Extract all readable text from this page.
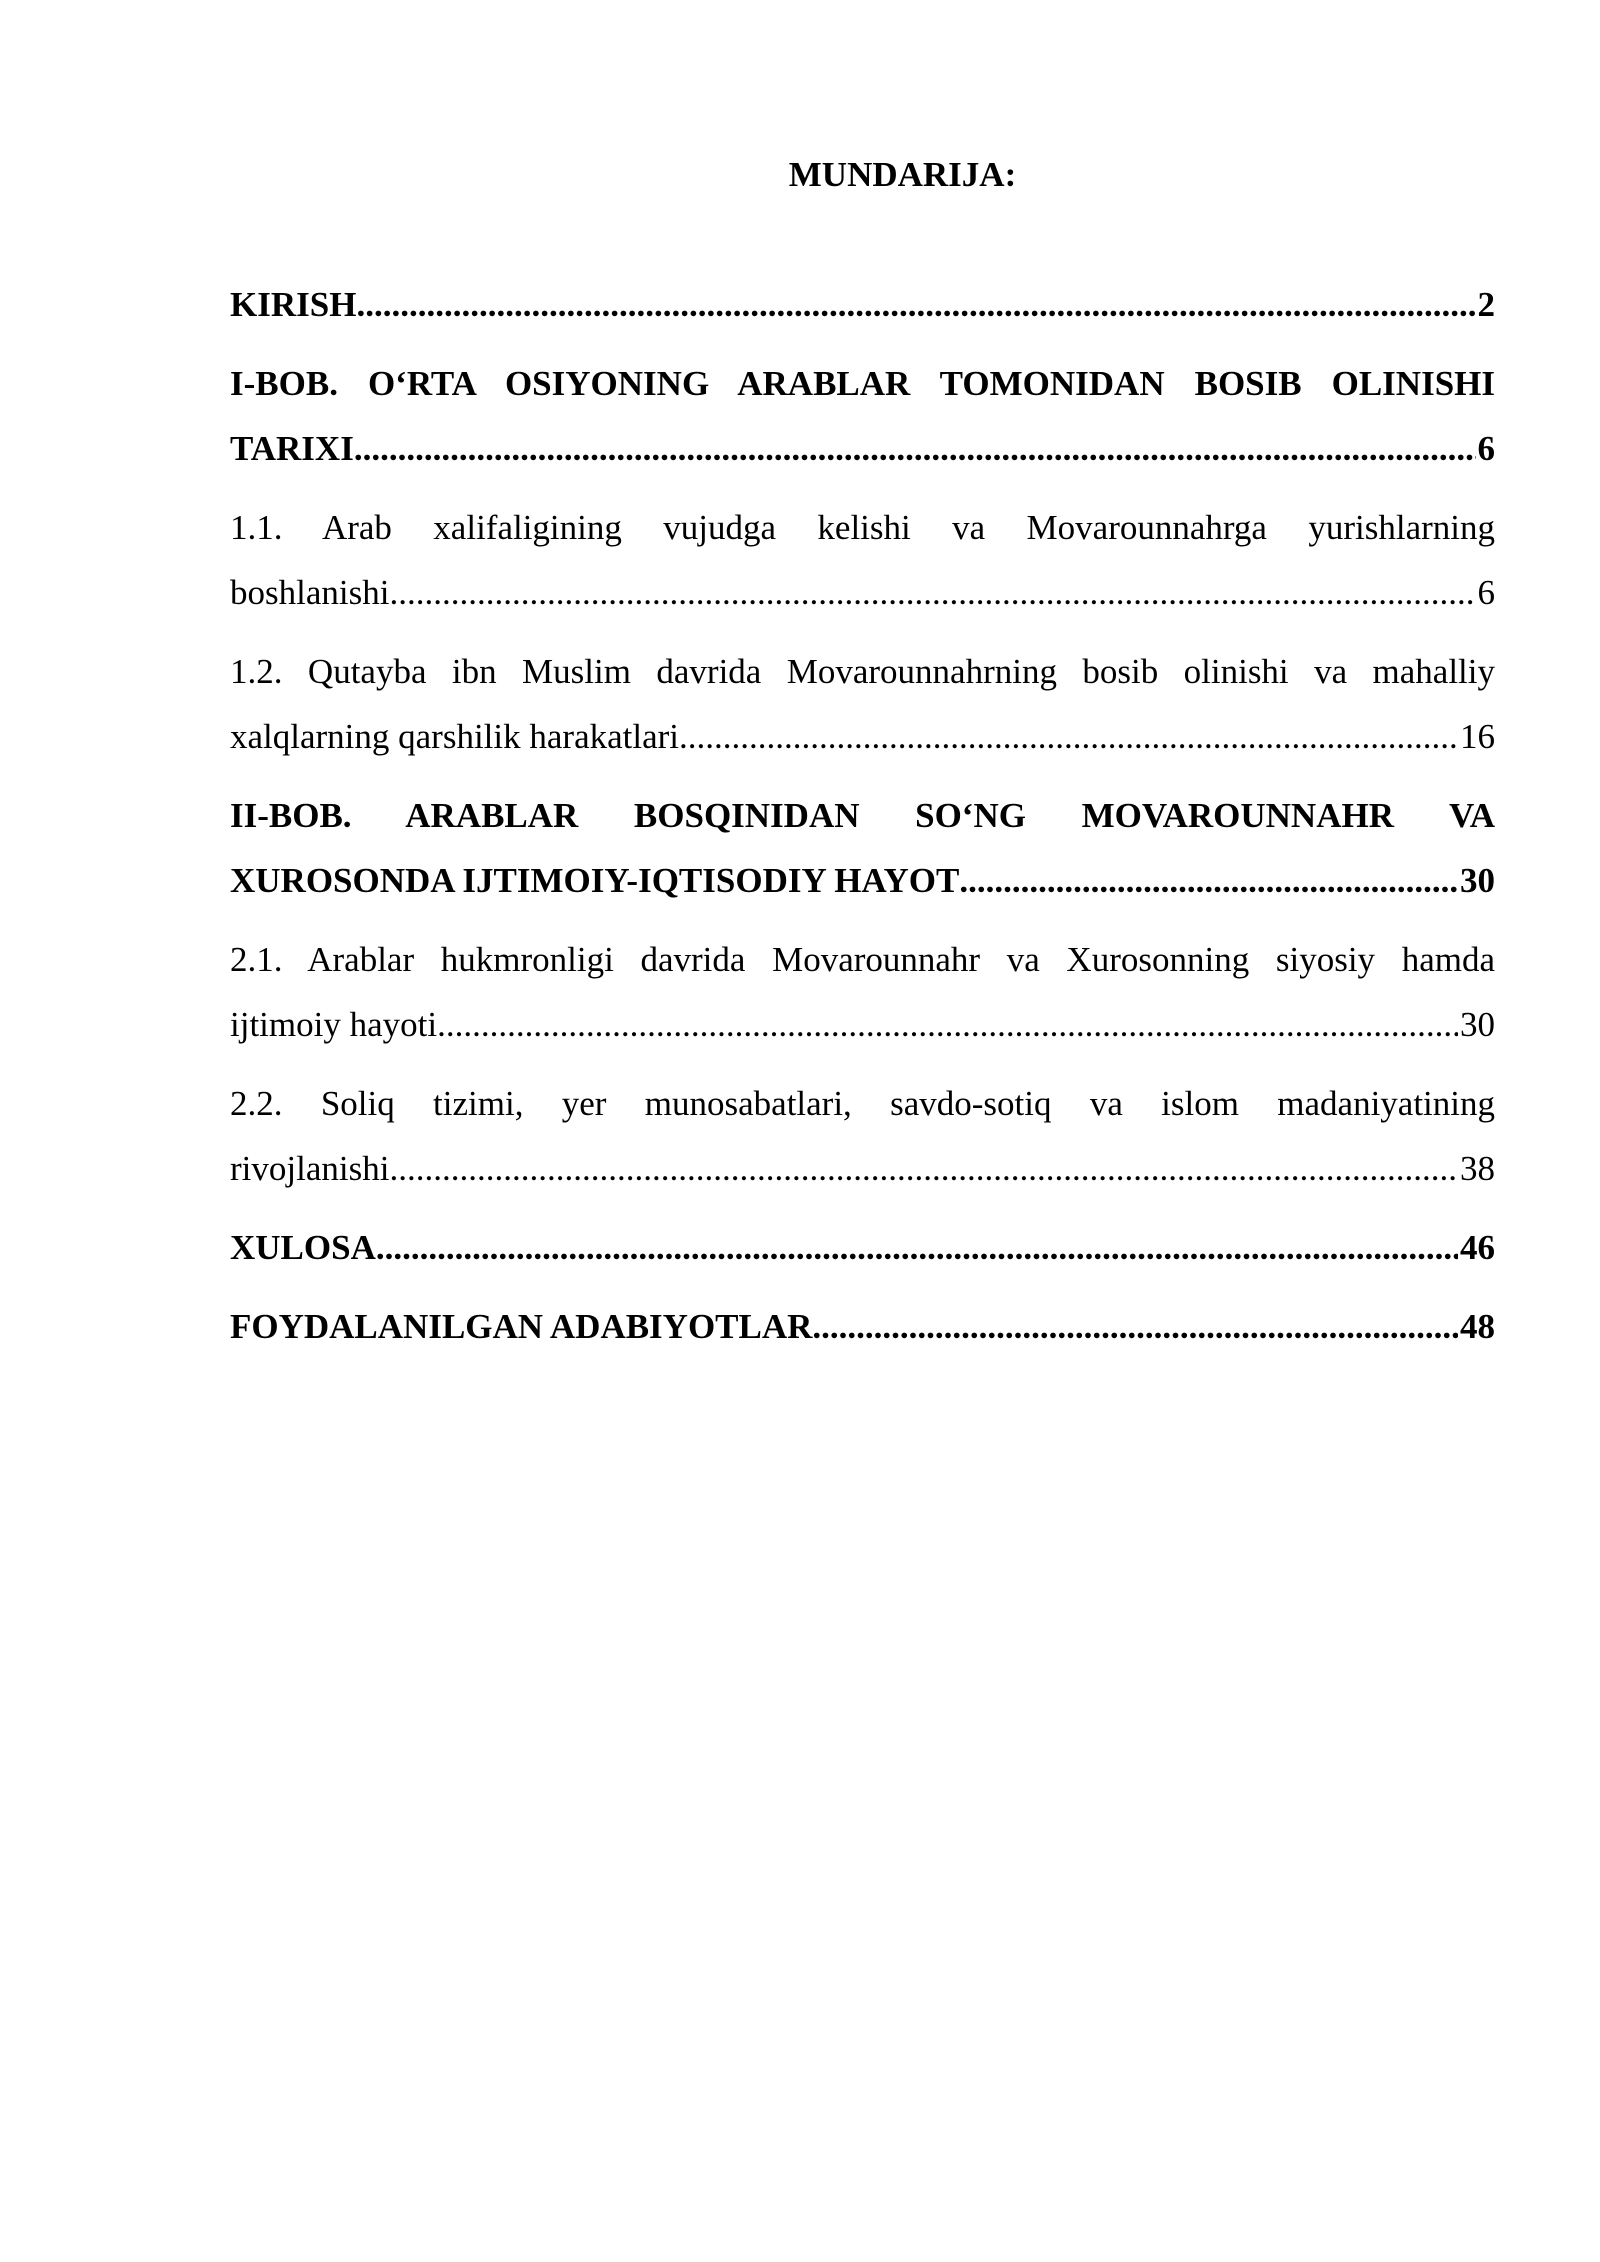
MUNDARIJA:
KIRISH .....	2
I-BOB. O‘RTA OSIYONING ARABLAR TOMONIDAN BOSIB OLINISHI
TARIXI .....	6
1.1. Arab xalifaligining vujudga kelishi va Movarounnahrga yurishlarning
boshlanishi .....	6
1.2. Qutayba ibn Muslim davrida Movarounnahrning bosib olinishi va mahalliy
xalqlarning qarshilik harakatlari .....	16
II-BOB. ARABLAR BOSQINIDAN SO‘NG MOVAROUNNAHR VA
XUROSONDA IJTIMOIY-IQTISODIY HAYOT .....	30
2.1. Arablar hukmronligi davrida Movarounnahr va Xurosonning siyosiy hamda
ijtimoiy hayoti .....	30
2.2. Soliq tizimi, yer munosabatlari, savdo-sotiq va islom madaniyatining
rivojlanishi .....	38
XULOSA .....	46
FOYDALANILGAN ADABIYOTLAR .....	48
